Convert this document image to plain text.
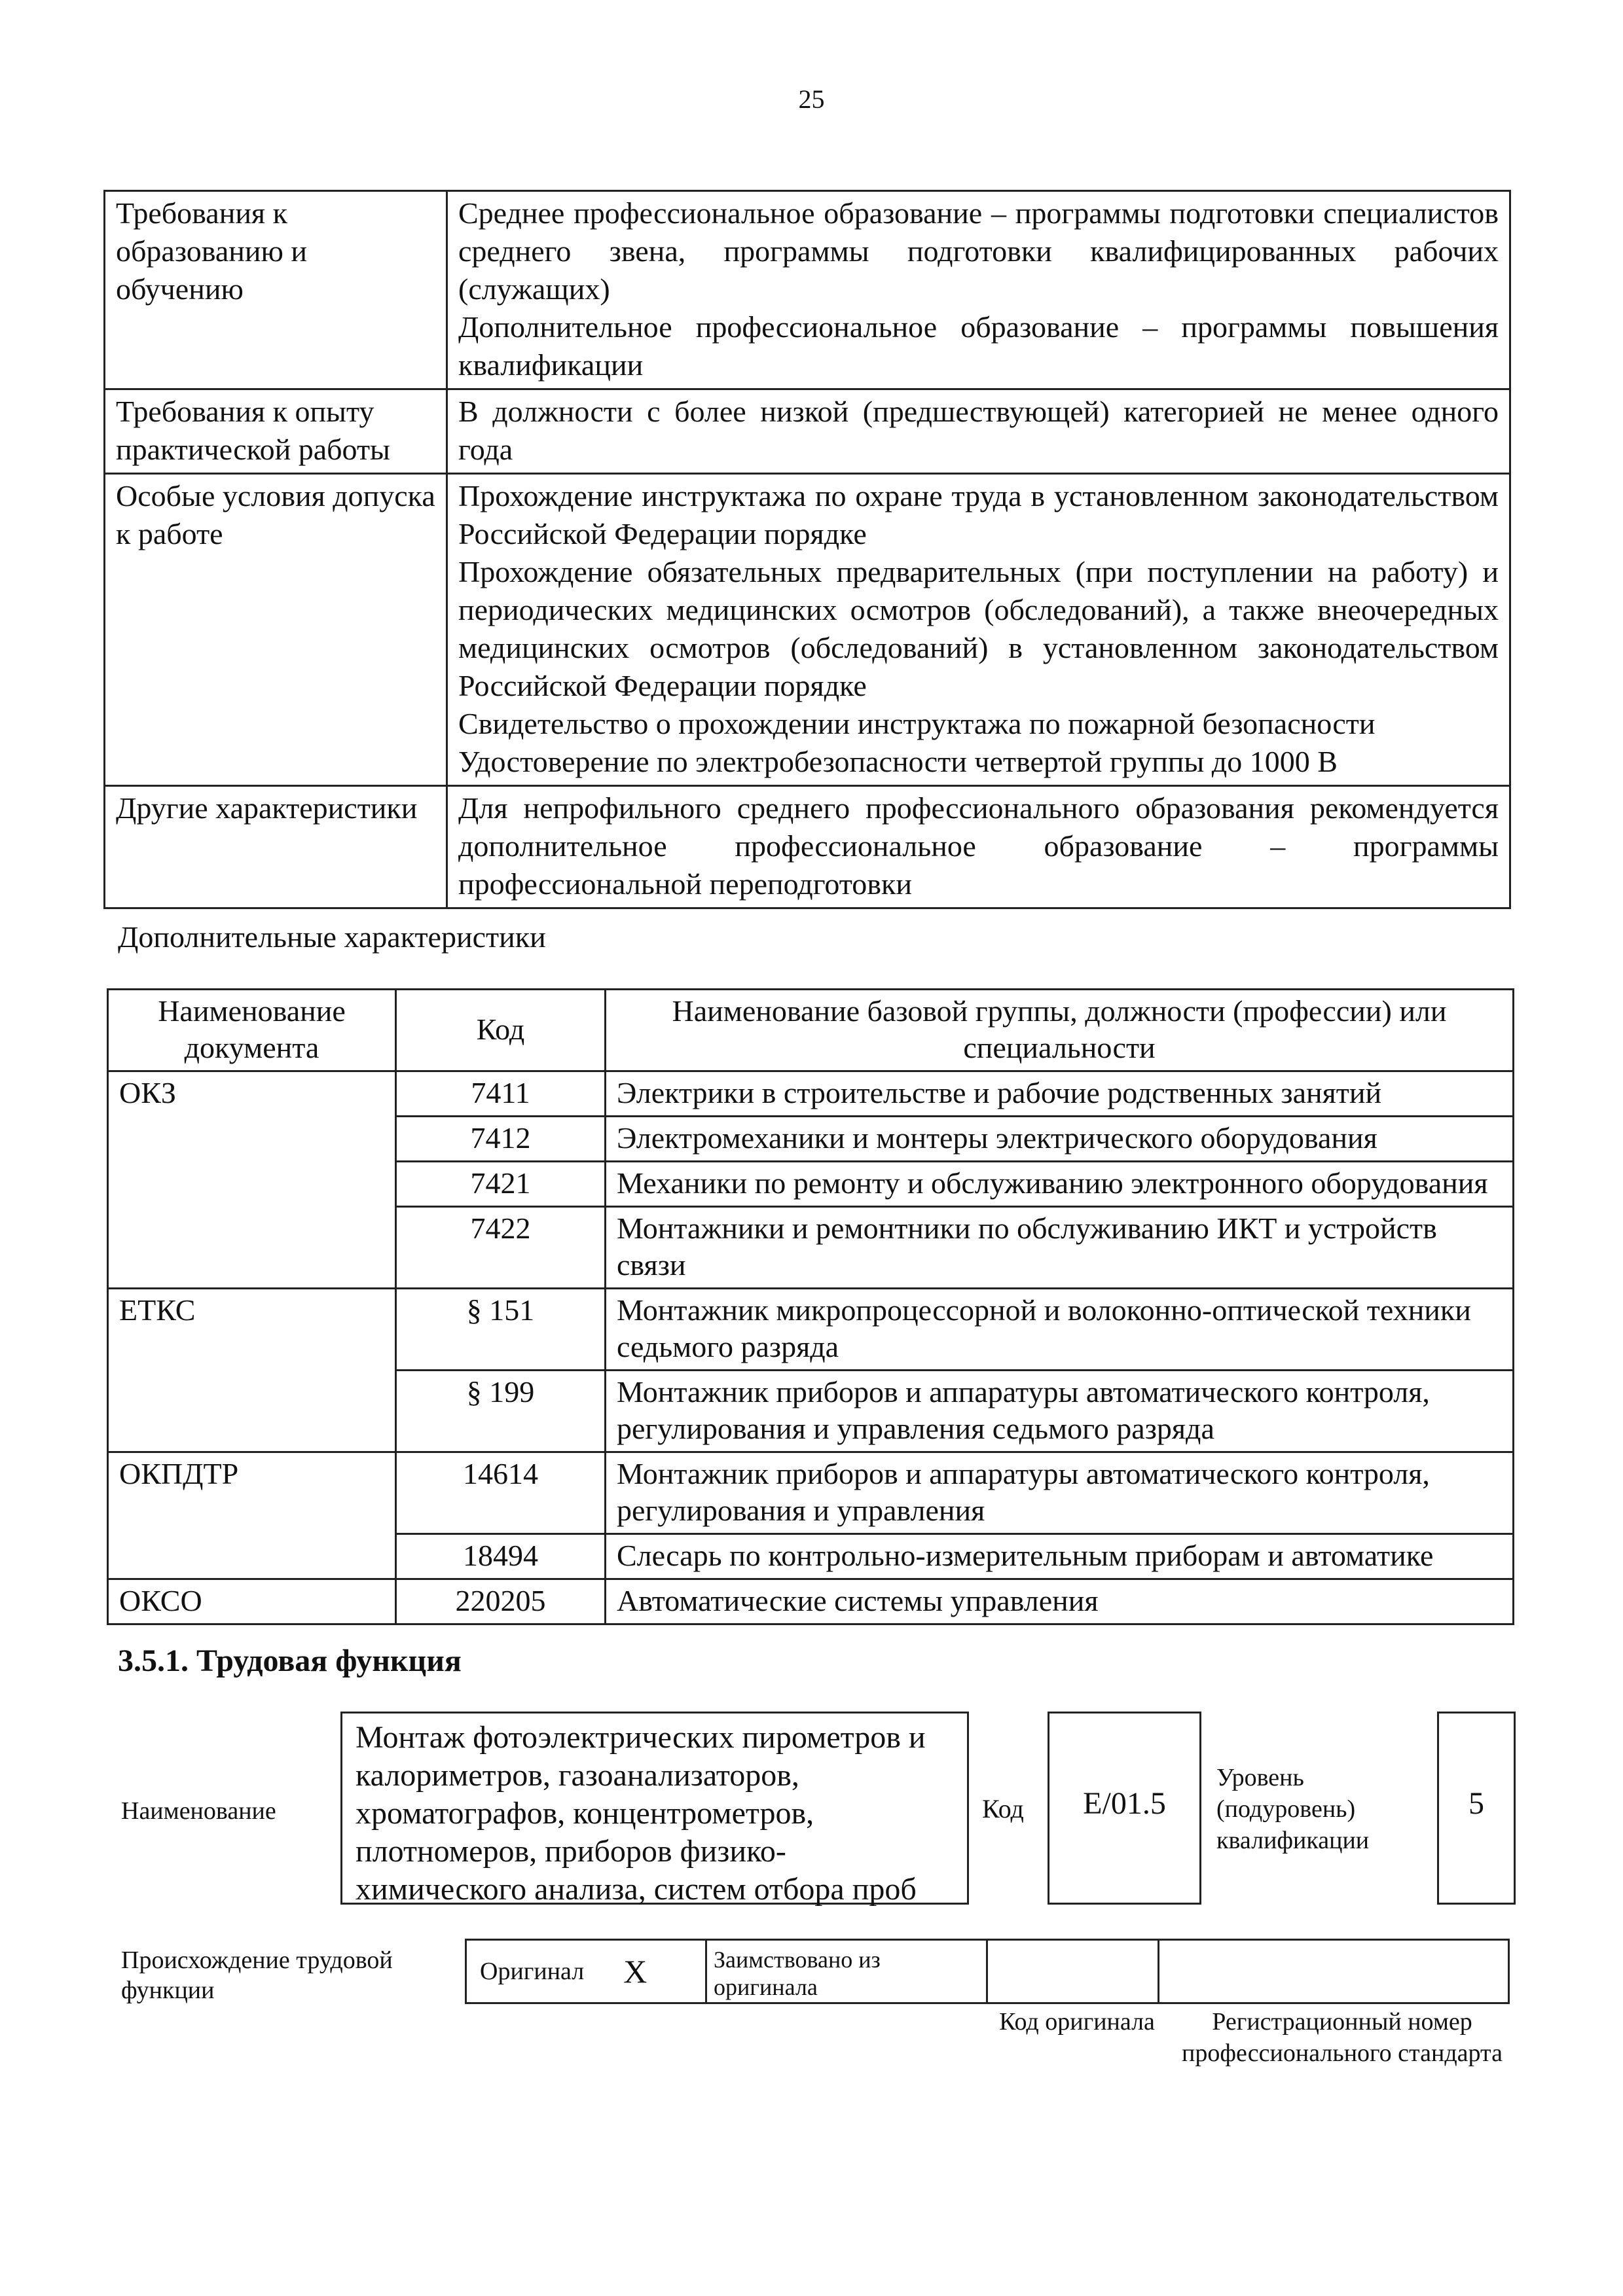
25
Требования к образованию и обучению	Среднее профессиональное образование – программы подготовки специалистов среднего звена, программы подготовки квалифицированных рабочих (служащих)
Дополнительное профессиональное образование – программы повышения квалификации

Требования к опыту практической работы	В должности с более низкой (предшествующей) категорией не менее одного года

Особые условия допуска к работе	Прохождение инструктажа по охране труда в установленном законодательством Российской Федерации порядке
Прохождение обязательных предварительных (при поступлении на работу) и периодических медицинских осмотров (обследований), а также внеочередных медицинских осмотров (обследований) в установленном законодательством Российской Федерации порядке
Свидетельство о прохождении инструктажа по пожарной безопасности
Удостоверение по электробезопасности четвертой группы до 1000 В

Другие характеристики	Для непрофильного среднего профессионального образования рекомендуется дополнительное профессиональное образование – программы профессиональной переподготовки
Дополнительные характеристики
Наименование документа	Код	Наименование базовой группы, должности (профессии) или специальности
ОКЗ	7411	Электрики в строительстве и рабочие родственных занятий
	7412	Электромеханики и монтеры электрического оборудования
	7421	Механики по ремонту и обслуживанию электронного оборудования
	7422	Монтажники и ремонтники по обслуживанию ИКТ и устройств связи
ЕТКС	§ 151	Монтажник микропроцессорной и волоконно-оптической техники седьмого разряда
	§ 199	Монтажник приборов и аппаратуры автоматического контроля, регулирования и управления седьмого разряда
ОКПДТР	14614	Монтажник приборов и аппаратуры автоматического контроля, регулирования и управления
	18494	Слесарь по контрольно-измерительным приборам и автоматике
ОКСО	220205	Автоматические системы управления
3.5.1. Трудовая функция
Наименование
Монтаж фотоэлектрических пирометров и калориметров, газоанализаторов, хроматографов, концентрометров, плотномеров, приборов физико-химического анализа, систем отбора проб
Код	E/01.5
Уровень (подуровень) квалификации
5
Происхождение трудовой функции
Оригинал X	Заимствовано из оригинала
Код оригинала	Регистрационный номер профессионального стандарта
